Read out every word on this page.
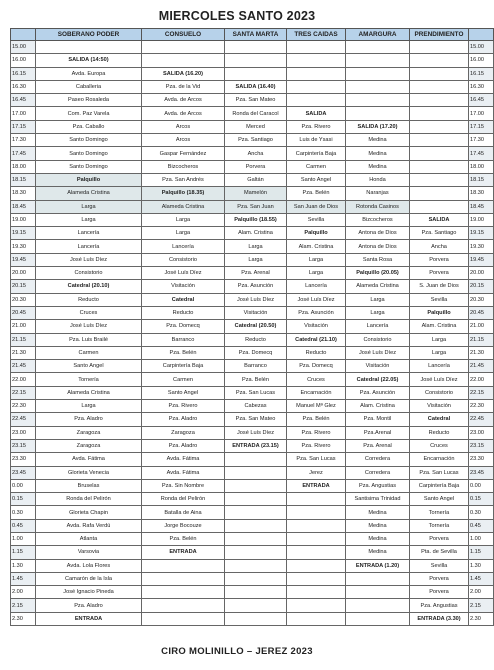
MIERCOLES SANTO 2023
	SOBERANO PODER	CONSUELO	SANTA MARTA	TRES CAIDAS	AMARGURA	PRENDIMIENTO	
15.00							15.00
16.00	SALIDA (14:50)						16.00
16.15	Avda. Europa	SALIDA (16.20)					16.15
16.30	Caballeria	Pza. de la Vid	SALIDA (16.40)				16.30
16.45	Paseo Rosaleda	Avda. de Arcos	Pza. San Mateo				16.45
17.00	Com. Paz Varela	Avda. de Arcos	Ronda del Caracol	SALIDA			17.00
17.15	Pza. Caballo	Arcos	Merced	Pza. Rivero	SALIDA (17.20)		17.15
17.30	Santo Domingo	Arcos	Pza. Santiago	Luis de Ysasi	Medina		17.30
17.45	Santo Domingo	Gaspar Fernández	Ancha	Carpintería Baja	Medina		17.45
18.00	Santo Domingo	Bizcocheros	Porvera	Carmen	Medina		18.00
18.15	Palquillo	Pza. San Andrés	Galtán	Santo Angel	Honda		18.15
18.30	Alameda Cristina	Palquillo (18.35)	Mamelón	Pza. Belén	Naranjas		18.30
18.45	Larga	Alameda Cristina	Pza. San Juan	San Juan de Dios	Rotonda Casinos		18.45
19.00	Larga	Larga	Palquillo (18.55)	Sevilla	Bizcocheros	SALIDA	19.00
19.15	Lancería	Larga	Alam. Cristina	Palquillo	Antona de Dios	Pza. Santiago	19.15
19.30	Lancería	Lancería	Larga	Alam. Cristina	Antona de Dios	Ancha	19.30
19.45	José Luís Díez	Consistorio	Larga	Larga	Santa Rosa	Porvera	19.45
20.00	Consistorio	José Luís Díez	Pza. Arenal	Larga	Palquillo (20.05)	Porvera	20.00
20.15	Catedral (20.10)	Visitación	Pza. Asunción	Lancería	Alameda Cristina	S. Juan de Dios	20.15
20.30	Reducto	Catedral	José Luís Díez	José Luís Díez	Larga	Sevilla	20.30
20.45	Cruces	Reducto	Visitación	Pza. Asunción	Larga	Palquillo	20.45
21.00	José Luís Díez	Pza. Domecq	Catedral (20.50)	Visitación	Lancería	Alam. Cristina	21.00
21.15	Pza. Luis Brailé	Barranco	Reducto	Catedral (21.10)	Consistorio	Larga	21.15
21.30	Carmen	Pza. Belén	Pza. Domecq	Reducto	José Luís Díez	Larga	21.30
21.45	Santo Angel	Carpintería Baja	Barranco	Pza. Domecq	Visitación	Lancería	21.45
22.00	Tornería	Carmen	Pza. Belén	Cruces	Catedral (22.05)	José Luís Díez	22.00
22.15	Alameda Cristina	Santo Angel	Pza. San Lucas	Encarnación	Pza. Asunción	Consistorio	22.15
22.30	Larga	Pza. Rivero	Cabezas	Manuel Mª Glez	Alam. Cristina	Visitación	22.30
22.45	Pza. Aladro	Pza. Aladro	Pza. San Mateo	Pza. Belén	Pza. Montil	Catedral	22.45
23.00	Zaragoza	Zaragoza	José Luís Díez	Pza. Rivero	Pza.Arenal	Reducto	23.00
23.15	Zaragoza	Pza. Aladro	ENTRADA (23.15)	Pza. Rivero	Pza. Arenal	Cruces	23.15
23.30	Avda. Fátima	Avda. Fátima		Pza. San Lucas	Corredera	Encarnación	23.30
23.45	Glorieta Venecia	Avda. Fátima		Jerez	Corredera	Pza. San Lucas	23.45
0.00	Bruselas	Pza. Sin Nombre		ENTRADA	Pza. Angustias	Carpintería Baja	0.00
0.15	Ronda del Pelirón	Ronda del Pelirón			Santisima Trinidad	Santo Angel	0.15
0.30	Glorieta Chapin	Batalla de Aina			Medina	Tornería	0.30
0.45	Avda. Rafa Verdú	Jorge Bocouze			Medina	Tornería	0.45
1.00	Atlanta	Pza. Belén			Medina	Porvera	1.00
1.15	Varsovia	ENTRADA			Medina	Pta. de Sevilla	1.15
1.30	Avda. Lola Flores				ENTRADA (1.20)	Sevilla	1.30
1.45	Camarón de la Isla					Porvera	1.45
2.00	José Ignacio Pineda					Porvera	2.00
2.15	Pza. Aladro					Pza. Angustias	2.15
2.30	ENTRADA					ENTRADA (3.30)	2.30
CIRO MOLINILLO – JEREZ 2023
